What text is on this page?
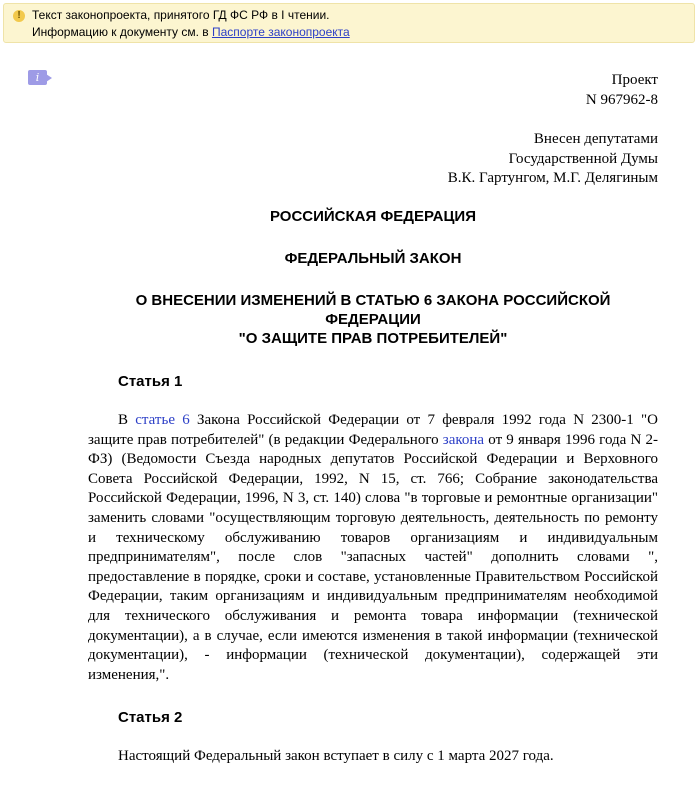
! Текст законопроекта, принятого ГД ФС РФ в I чтении.
Информацию к документу см. в Паспорте законопроекта
i	Проект
N 967962-8
Внесен депутатами
Государственной Думы
В.К. Гартунгом, М.Г. Делягиным

РОССИЙСКАЯ ФЕДЕРАЦИЯ

ФЕДЕРАЛЬНЫЙ ЗАКОН

О ВНЕСЕНИИ ИЗМЕНЕНИЙ В СТАТЬЮ 6 ЗАКОНА РОССИЙСКОЙ ФЕДЕРАЦИИ
"О ЗАЩИТЕ ПРАВ ПОТРЕБИТЕЛЕЙ"
Статья 1

В статье 6 Закона Российской Федерации от 7 февраля 1992 года N 2300-1 "О защите прав потребителей" (в редакции Федерального закона от 9 января 1996 года N 2-ФЗ) (Ведомости Съезда народных депутатов Российской Федерации и Верховного Совета Российской Федерации, 1992, N 15, ст. 766; Собрание законодательства Российской Федерации, 1996, N 3, ст. 140) слова "в торговые и ремонтные организации" заменить словами "осуществляющим торговую деятельность, деятельность по ремонту и техническому обслуживанию товаров организациям и индивидуальным предпринимателям", после слов "запасных частей" дополнить словами ", предоставление в порядке, сроки и составе, установленные Правительством Российской Федерации, таким организациям и индивидуальным предпринимателям необходимой для технического обслуживания и ремонта товара информации (технической документации), а в случае, если имеются изменения в такой информации (технической документации), - информации (технической документации), содержащей эти изменения,".

Статья 2

Настоящий Федеральный закон вступает в силу с 1 марта 2027 года.
